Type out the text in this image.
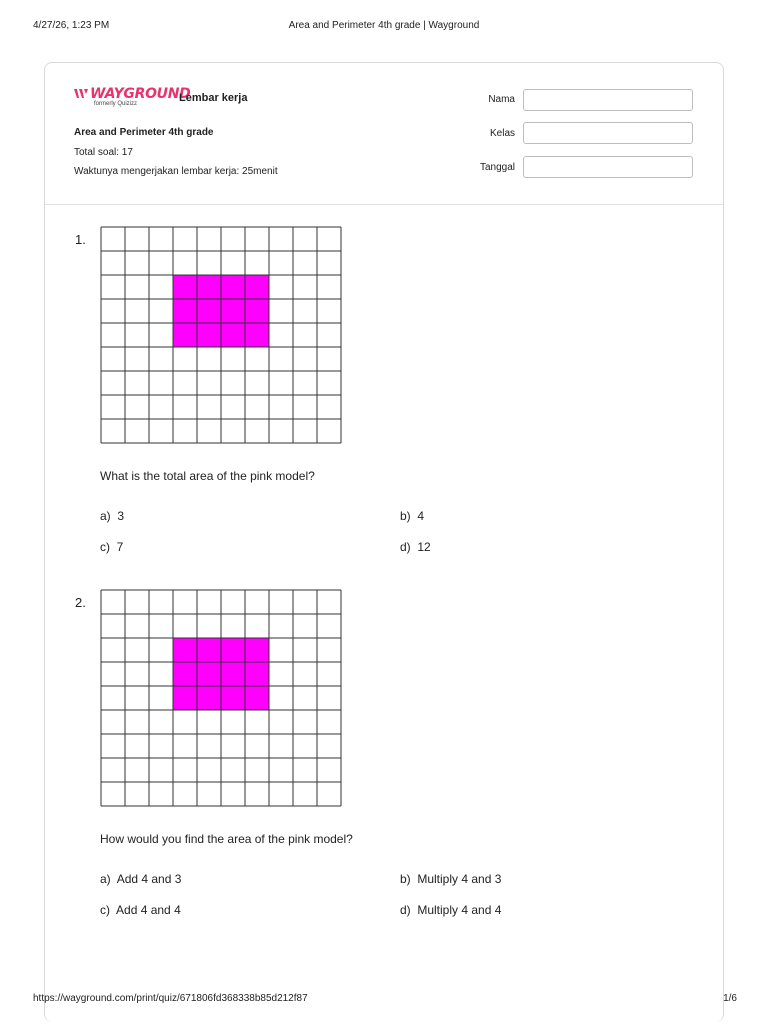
4/27/26, 1:23 PM	Area and Perimeter 4th grade | Wayground
WAYGROUND
formerly Quizizz	Lembar kerja
Area and Perimeter 4th grade
Total soal: 17
Waktunya mengerjakan lembar kerja: 25menit
Nama
Kelas
Tanggal
1.
What is the total area of the pink model?
a) 3	b) 4
c) 7	d) 12
2.
How would you find the area of the pink model?
a) Add 4 and 3	b) Multiply 4 and 3
c) Add 4 and 4	d) Multiply 4 and 4
https://wayground.com/print/quiz/671806fd368338b85d212f87	1/6
